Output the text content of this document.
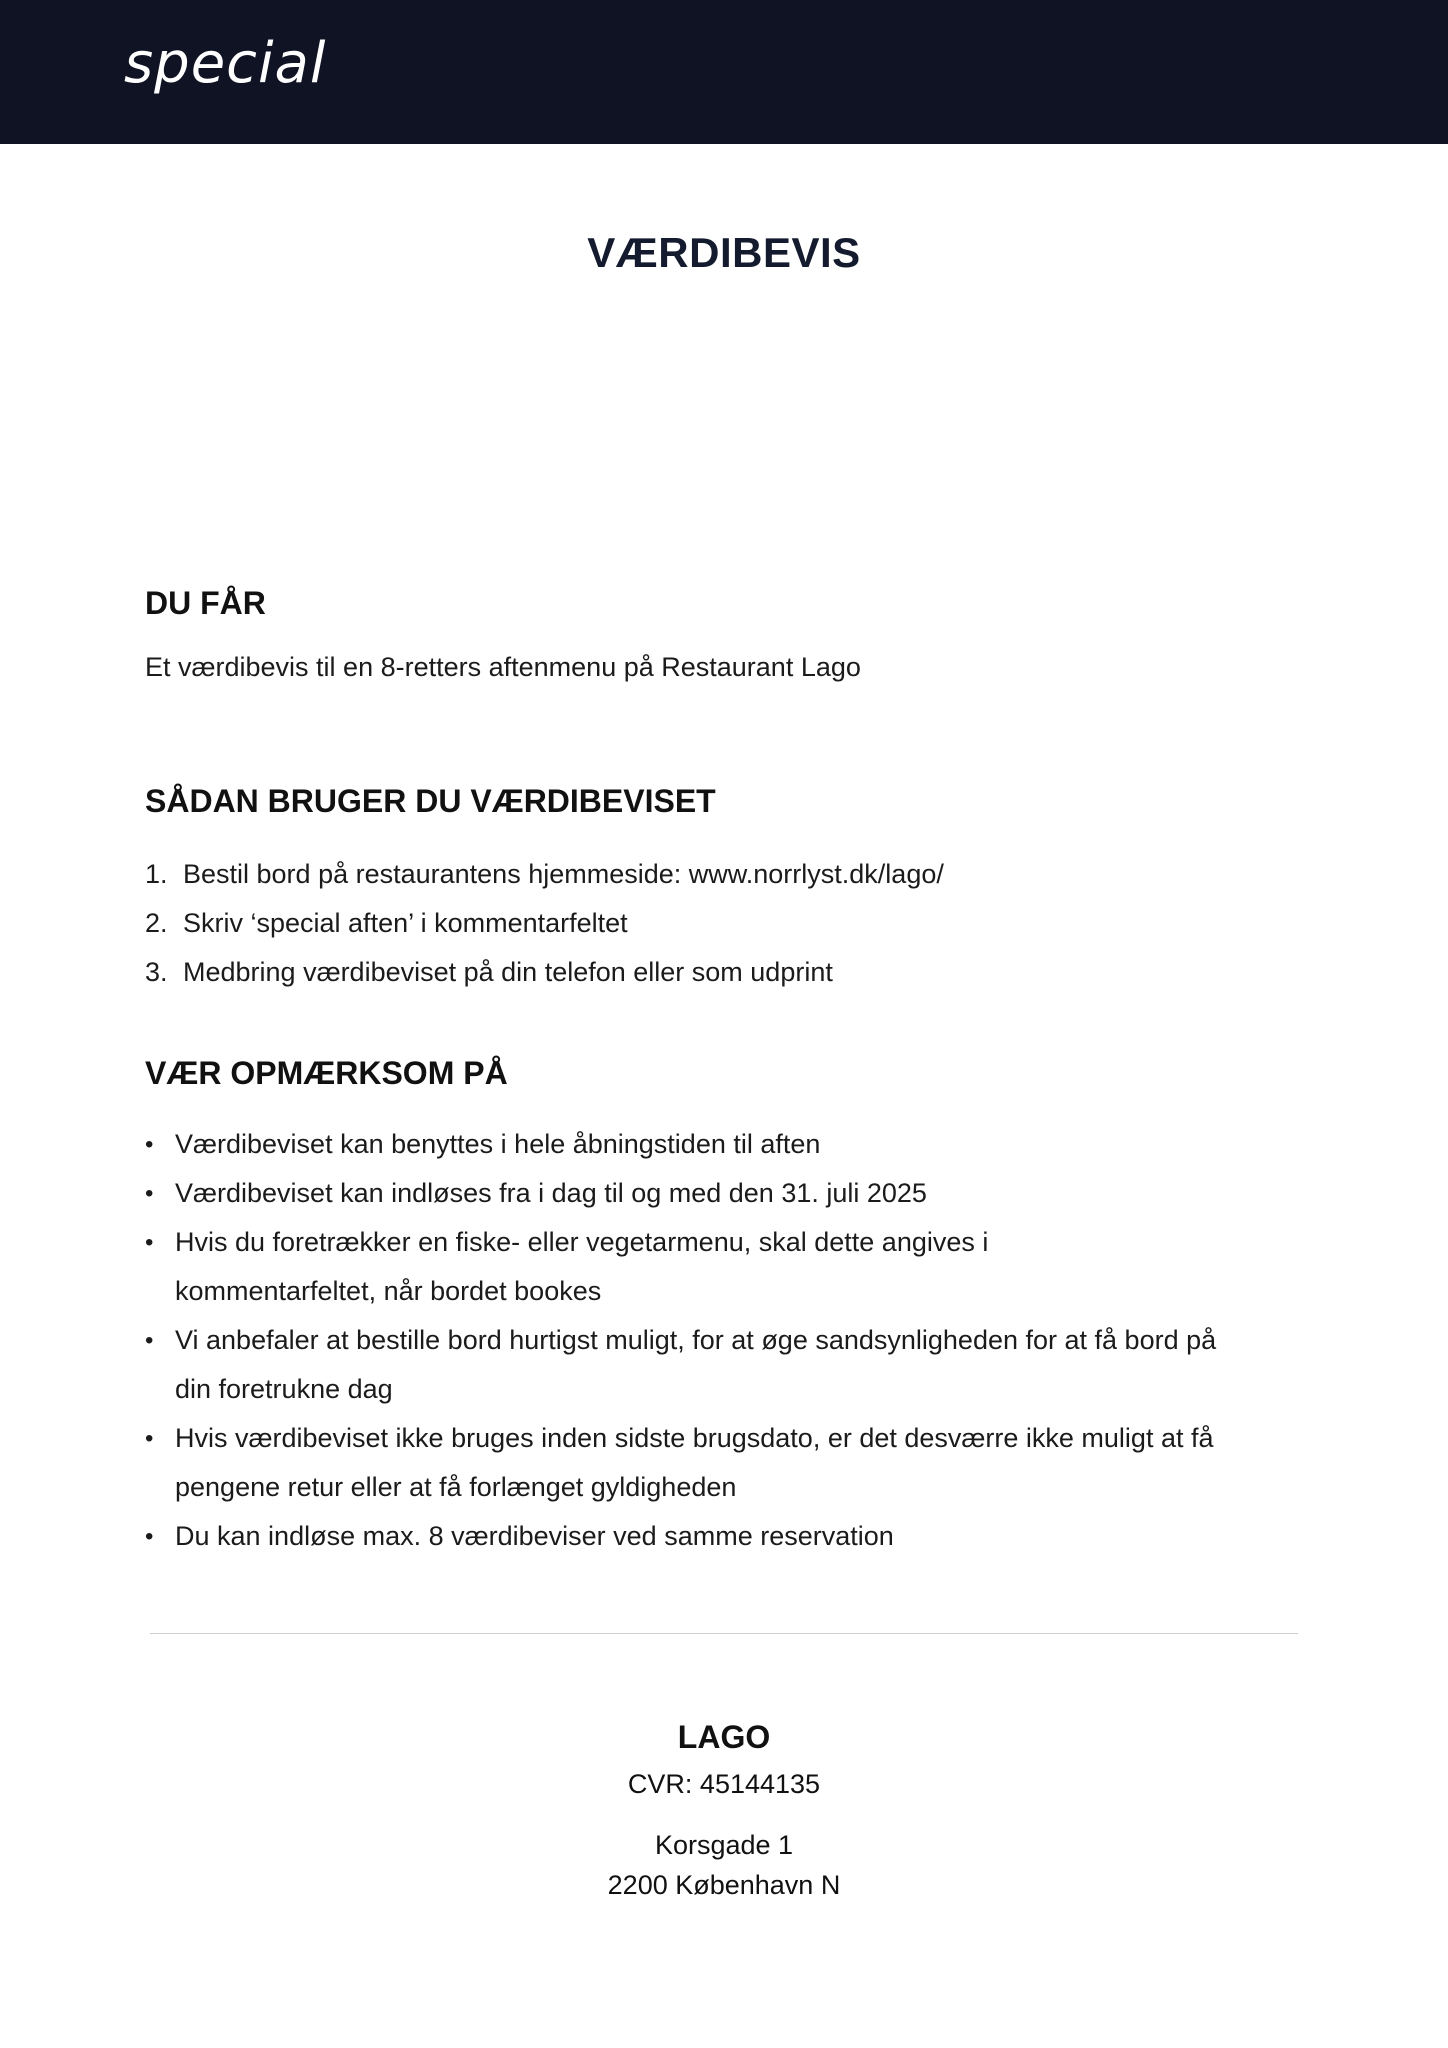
special
VÆRDIBEVIS
DU FÅR
Et værdibevis til en 8-retters aftenmenu på Restaurant Lago
SÅDAN BRUGER DU VÆRDIBEVISET
1. Bestil bord på restaurantens hjemmeside: www.norrlyst.dk/lago/
2. Skriv ‘special aften’ i kommentarfeltet
3. Medbring værdibeviset på din telefon eller som udprint
VÆR OPMÆRKSOM PÅ
• Værdibeviset kan benyttes i hele åbningstiden til aften
• Værdibeviset kan indløses fra i dag til og med den 31. juli 2025
• Hvis du foretrækker en fiske- eller vegetarmenu, skal dette angives i kommentarfeltet, når bordet bookes
• Vi anbefaler at bestille bord hurtigst muligt, for at øge sandsynligheden for at få bord på din foretrukne dag
• Hvis værdibeviset ikke bruges inden sidste brugsdato, er det desværre ikke muligt at få pengene retur eller at få forlænget gyldigheden
• Du kan indløse max. 8 værdibeviser ved samme reservation
LAGO
CVR: 45144135
Korsgade 1
2200 København N
